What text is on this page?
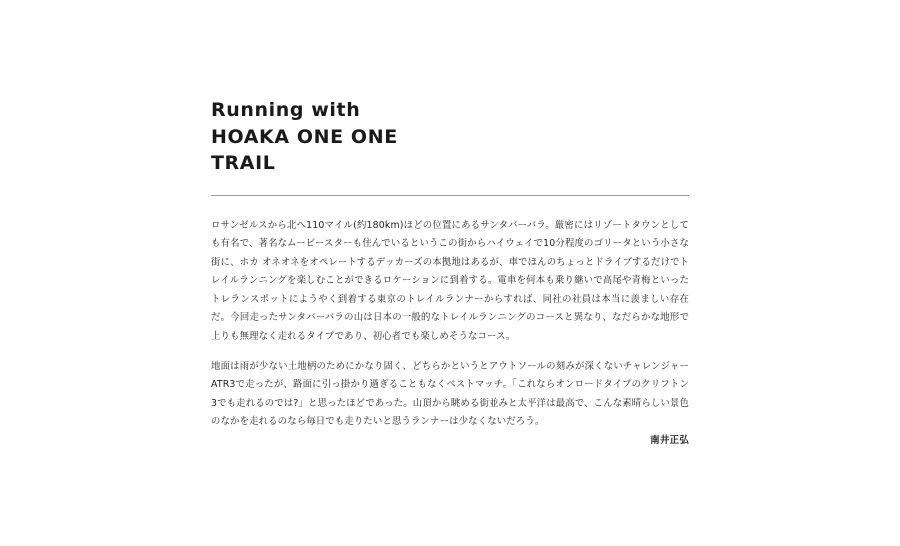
Running with
HOAKA ONE ONE
TRAIL

ロサンゼルスから北へ110マイル(約180km)ほどの位置にあるサンタバーバラ。厳密にはリゾートタウンとしても有名で、著名なムービースターも住んでいるというこの街からハイウェイで10分程度のゴリータという小さな街に、ホカ オネオネをオペレートするデッカーズの本拠地はあるが、車でほんのちょっとドライブするだけでトレイルランニングを楽しむことができるロケーションに到着する。電車を何本も乗り継いで高尾や青梅といったトレランスポットにようやく到着する東京のトレイルランナーからすれば、同社の社員は本当に羨ましい存在だ。今回走ったサンタバーバラの山は日本の一般的なトレイルランニングのコースと異なり、なだらかな地形で上りも無理なく走れるタイプであり、初心者でも楽しめそうなコース。

地面は雨が少ない土地柄のためにかなり固く、どちらかというとアウトソールの刻みが深くないチャレンジャーATR3で走ったが、路面に引っ掛かり過ぎることもなくベストマッチ。「これならオンロードタイプのクリフトン3でも走れるのでは?」と思ったほどであった。山頂から眺める街並みと太平洋は最高で、こんな素晴らしい景色のなかを走れるのなら毎日でも走りたいと思うランナーは少なくないだろう。

南井正弘
